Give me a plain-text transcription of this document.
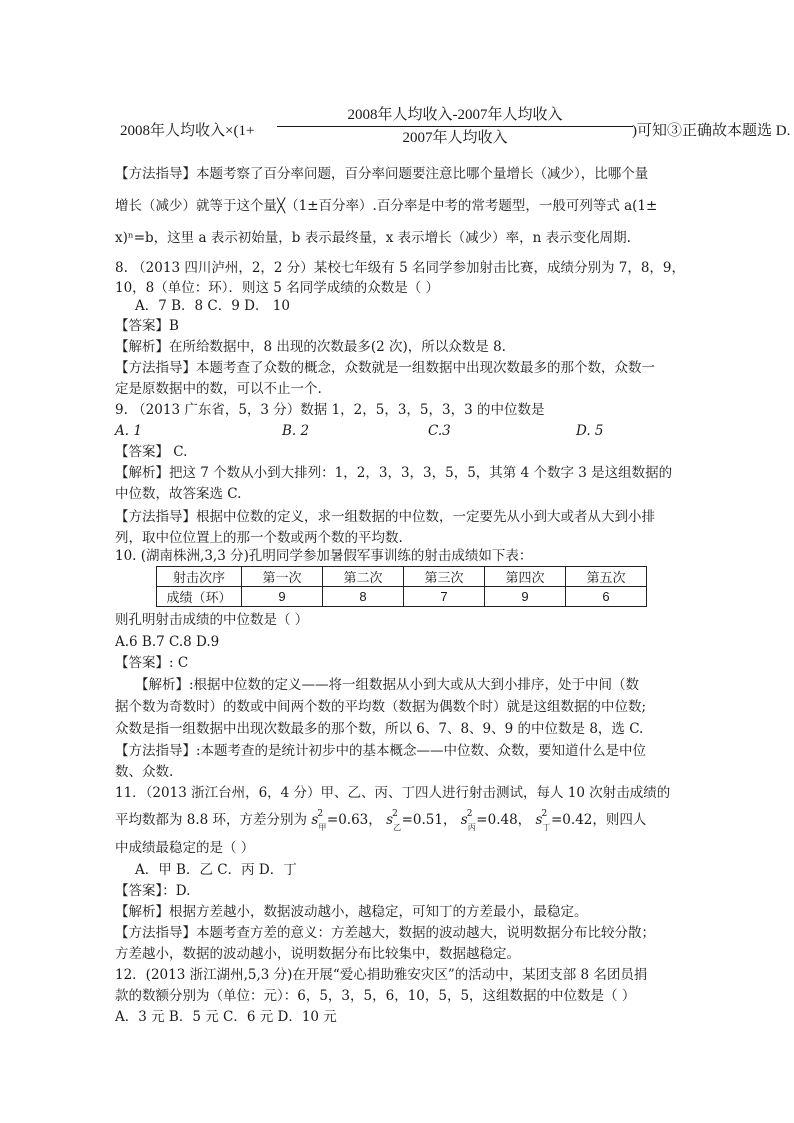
2008年人均收入×(1+
2008年人均收入-2007年人均收入
2007年人均收入	)可知③正确故本题选 D.
【方法指导】本题考察了百分率问题，百分率问题要注意比哪个量增长（减少），比哪个量
增长（减少）就等于这个量╳（1±百分率）.百分率是中考的常考题型，一般可列等式 a(1±
x)ⁿ=b，这里 a 表示初始量，b 表示最终量，x 表示增长（减少）率，n 表示变化周期.
8. （2013 四川泸州，2，2 分）某校七年级有 5 名同学参加射击比赛，成绩分别为 7，8，9，
10，8（单位：环）．则这 5 名同学成绩的众数是（ ）
A．7 B．8 C．9 D． 10
【答案】B
【解析】在所给数据中，8 出现的次数最多(2 次)，所以众数是 8.
【方法指导】本题考查了众数的概念，众数就是一组数据中出现次数最多的那个数，众数一
定是原数据中的数，可以不止一个.
9. （2013 广东省，5，3 分）数据 1，2，5，3，5，3，3 的中位数是
A. 1	B. 2	C.3	D. 5
【答案】 C.
【解析】把这 7 个数从小到大排列：1，2，3，3，3，5，5，其第 4 个数字 3 是这组数据的
中位数，故答案选 C.
【方法指导】根据中位数的定义，求一组数据的中位数，一定要先从小到大或者从大到小排
列，取中位位置上的那一个数或两个数的平均数.
10. (湖南株洲,3,3 分)孔明同学参加暑假军事训练的射击成绩如下表：
射击次序	第一次	第二次	第三次	第四次	第五次
成绩（环）	9	8	7	9	6
则孔明射击成绩的中位数是（ ）
A.6 B.7 C.8 D.9
【答案】: C
【解析】:根据中位数的定义——将一组数据从小到大或从大到小排序，处于中间（数
据个数为奇数时）的数或中间两个数的平均数（数据为偶数个时）就是这组数据的中位数;
众数是指一组数据中出现次数最多的那个数，所以 6、7、8、9、9 的中位数是 8，选 C.
【方法指导】:本题考查的是统计初步中的基本概念——中位数、众数，要知道什么是中位
数、众数.
11．（2013 浙江台州，6，4 分）甲、乙、丙、丁四人进行射击测试，每人 10 次射击成绩的
平均数都为 8.8 环，方差分别为 s 2
甲 =0.63， s 2
乙 =0.51， s 2
丙 =0.48， s 2
丁 =0.42，则四人
中成绩最稳定的是（ ）
A．甲 B．乙 C．丙 D．丁
【答案】：D.
【解析】根据方差越小，数据波动越小，越稳定，可知丁的方差最小，最稳定。
【方法指导】本题考查方差的意义：方差越大，数据的波动越大，说明数据分布比较分散；
方差越小，数据的波动越小，说明数据分布比较集中，数据越稳定。
12．(2013 浙江湖州,5,3 分)在开展“爱心捐助雅安灾区”的活动中，某团支部 8 名团员捐
款的数额分别为（单位：元）：6，5，3，5，6，10，5，5，这组数据的中位数是（ ）
A．3 元 B．5 元 C．6 元 D．10 元
